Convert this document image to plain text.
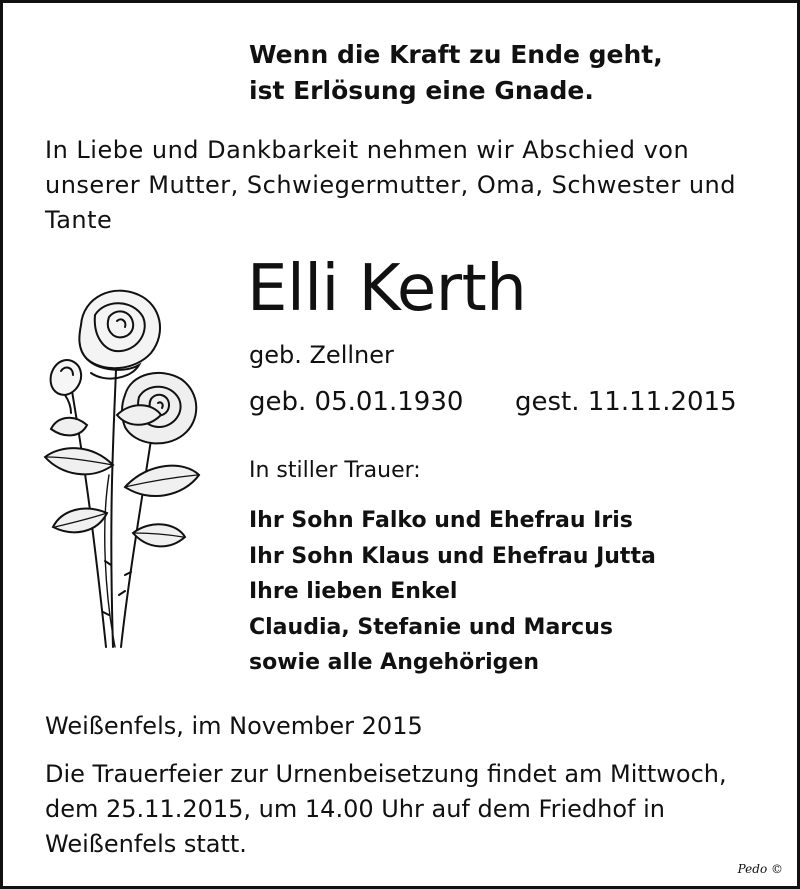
Wenn die Kraft zu Ende geht,
ist Erlösung eine Gnade.
In Liebe und Dankbarkeit nehmen wir Abschied von unserer Mutter, Schwiegermutter, Oma, Schwester und Tante
Elli Kerth
geb. Zellner
geb. 05.01.1930 gest. 11.11.2015
In stiller Trauer:
Ihr Sohn Falko und Ehefrau Iris
Ihr Sohn Klaus und Ehefrau Jutta
Ihre lieben Enkel
Claudia, Stefanie und Marcus
sowie alle Angehörigen
Weißenfels, im November 2015
Die Trauerfeier zur Urnenbeisetzung findet am Mittwoch, dem 25.11.2015, um 14.00 Uhr auf dem Friedhof in Weißenfels statt.
Pedo ©
